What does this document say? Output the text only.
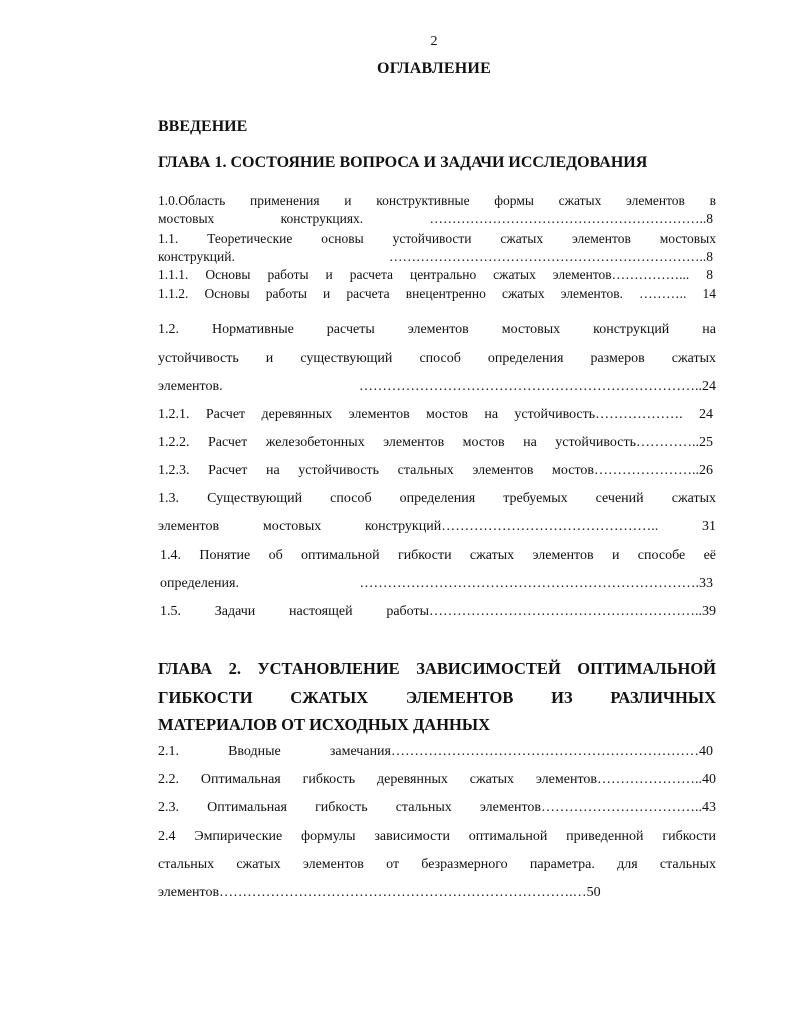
2
ОГЛАВЛЕНИЕ
ВВЕДЕНИЕ
ГЛАВА 1. СОСТОЯНИЕ ВОПРОСА И ЗАДАЧИ ИССЛЕДОВАНИЯ
1.0.Область применения и конструктивные формы сжатых элементов в
мостовых конструкциях. ……………………………………………………..8
1.1. Теоретические основы устойчивости сжатых элементов мостовых
конструкций. ……………………………………………………………..8
1.1.1. Основы работы и расчета центрально сжатых элементов……………... 8
1.1.2. Основы работы и расчета внецентренно сжатых элементов. ……….. 14
1.2. Нормативные расчеты элементов мостовых конструкций на
устойчивость и существующий способ определения размеров сжатых
элементов. ………………………………………………………………..24
1.2.1. Расчет деревянных элементов мостов на устойчивость………………. 24
1.2.2. Расчет железобетонных элементов мостов на устойчивость…………..25
1.2.3. Расчет на устойчивость стальных элементов мостов…………………..26
1.3. Существующий способ определения требуемых сечений сжатых
элементов мостовых конструкций……………………………………….. 31
1.4. Понятие об оптимальной гибкости сжатых элементов и способе её
определения. ……………………………………………………………….33
1.5. Задачи настоящей работы…………………………………………………..39
ГЛАВА 2. УСТАНОВЛЕНИЕ ЗАВИСИМОСТЕЙ ОПТИМАЛЬНОЙ
ГИБКОСТИ СЖАТЫХ ЭЛЕМЕНТОВ ИЗ РАЗЛИЧНЫХ
МАТЕРИАЛОВ ОТ ИСХОДНЫХ ДАННЫХ
2.1. Вводные замечания…………………………………………………………40
2.2. Оптимальная гибкость деревянных сжатых элементов…………………..40
2.3. Оптимальная гибкость стальных элементов……………………………..43
2.4 Эмпирические формулы зависимости оптимальной приведенной гибкости
стальных сжатых элементов от безразмерного параметра. для стальных
элементов………………………………………………………………….…50
